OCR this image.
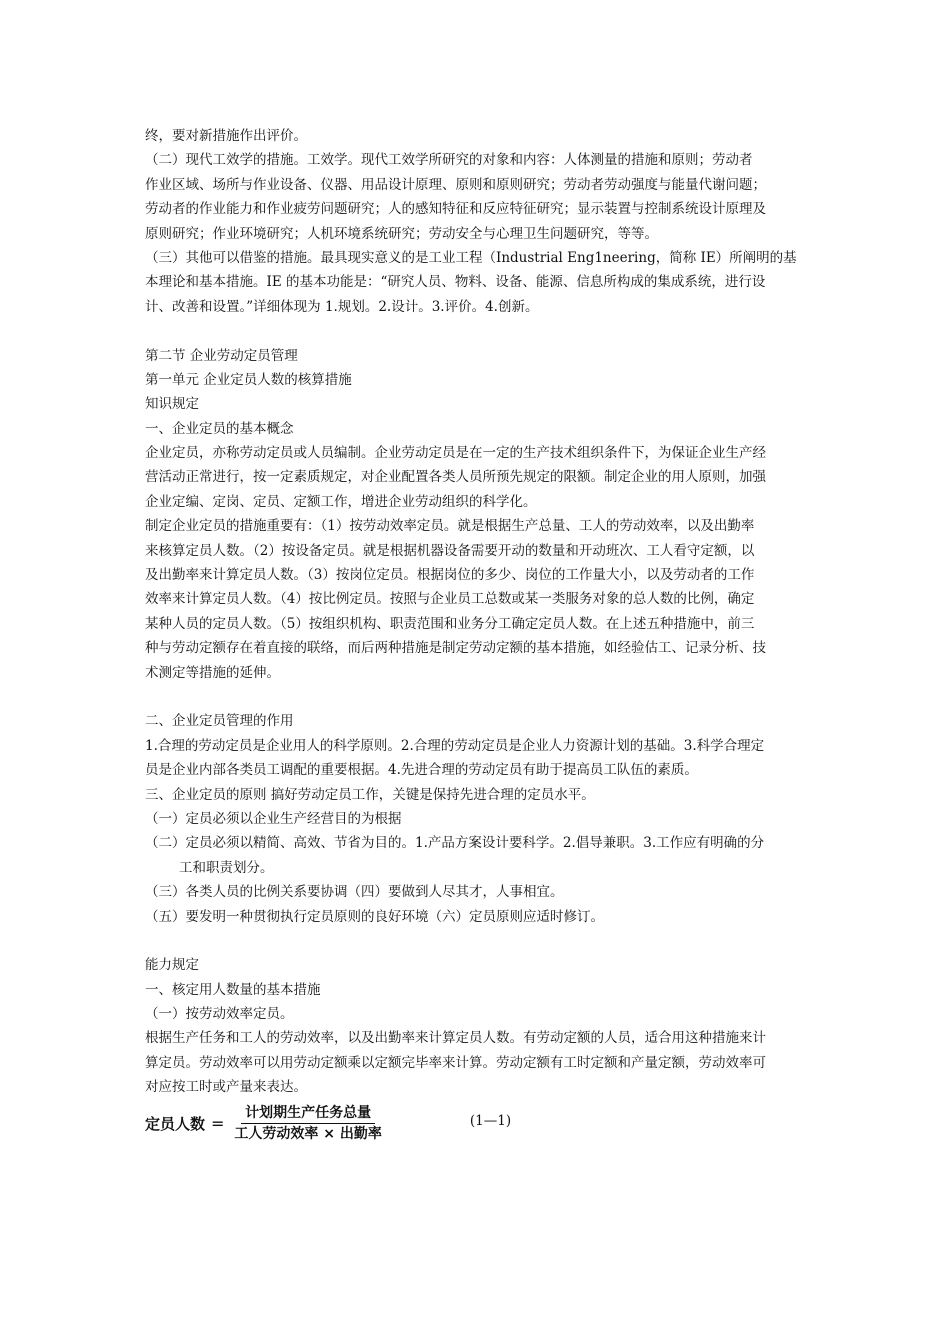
终，要对新措施作出评价。
（二）现代工效学的措施。工效学。现代工效学所研究的对象和内容：人体测量的措施和原则；劳动者
作业区域、场所与作业设备、仪器、用品设计原理、原则和原则研究；劳动者劳动强度与能量代谢问题；
劳动者的作业能力和作业疲劳问题研究；人的感知特征和反应特征研究；显示装置与控制系统设计原理及
原则研究；作业环境研究；人机环境系统研究；劳动安全与心理卫生问题研究，等等。
（三）其他可以借鉴的措施。最具现实意义的是工业工程（Industrial Eng1neering，简称 IE）所阐明的基
本理论和基本措施。IE 的基本功能是：“研究人员、物料、设备、能源、信息所构成的集成系统，进行设
计、改善和设置。”详细体现为 1.规划。2.设计。3.评价。4.创新。
第二节 企业劳动定员管理
第一单元 企业定员人数的核算措施
知识规定
一、企业定员的基本概念
企业定员，亦称劳动定员或人员编制。企业劳动定员是在一定的生产技术组织条件下，为保证企业生产经
营活动正常进行，按一定素质规定，对企业配置各类人员所预先规定的限额。制定企业的用人原则，加强
企业定编、定岗、定员、定额工作，增进企业劳动组织的科学化。
制定企业定员的措施重要有：（1）按劳动效率定员。就是根据生产总量、工人的劳动效率，以及出勤率
来核算定员人数。（2）按设备定员。就是根据机器设备需要开动的数量和开动班次、工人看守定额，以
及出勤率来计算定员人数。（3）按岗位定员。根据岗位的多少、岗位的工作量大小，以及劳动者的工作
效率来计算定员人数。（4）按比例定员。按照与企业员工总数或某一类服务对象的总人数的比例，确定
某种人员的定员人数。（5）按组织机构、职责范围和业务分工确定定员人数。在上述五种措施中，前三
种与劳动定额存在着直接的联络，而后两种措施是制定劳动定额的基本措施，如经验估工、记录分析、技
术测定等措施的延伸。
二、企业定员管理的作用
1.合理的劳动定员是企业用人的科学原则。2.合理的劳动定员是企业人力资源计划的基础。3.科学合理定
员是企业内部各类员工调配的重要根据。4.先进合理的劳动定员有助于提高员工队伍的素质。
三、企业定员的原则 搞好劳动定员工作，关键是保持先进合理的定员水平。
（一）定员必须以企业生产经营目的为根据
（二）定员必须以精简、高效、节省为目的。1.产品方案设计要科学。2.倡导兼职。3.工作应有明确的分
工和职责划分。
（三）各类人员的比例关系要协调（四）要做到人尽其才，人事相宜。
（五）要发明一种贯彻执行定员原则的良好环境（六）定员原则应适时修订。
能力规定
一、核定用人数量的基本措施
（一）按劳动效率定员。
根据生产任务和工人的劳动效率，以及出勤率来计算定员人数。有劳动定额的人员，适合用这种措施来计
算定员。劳动效率可以用劳动定额乘以定额完毕率来计算。劳动定额有工时定额和产量定额，劳动效率可
对应按工时或产量来表达。
定员人数 = $\frac{\text{计划期生产任务总量}}{\text{工人劳动效率 × 出勤率}}$	(1—1)
